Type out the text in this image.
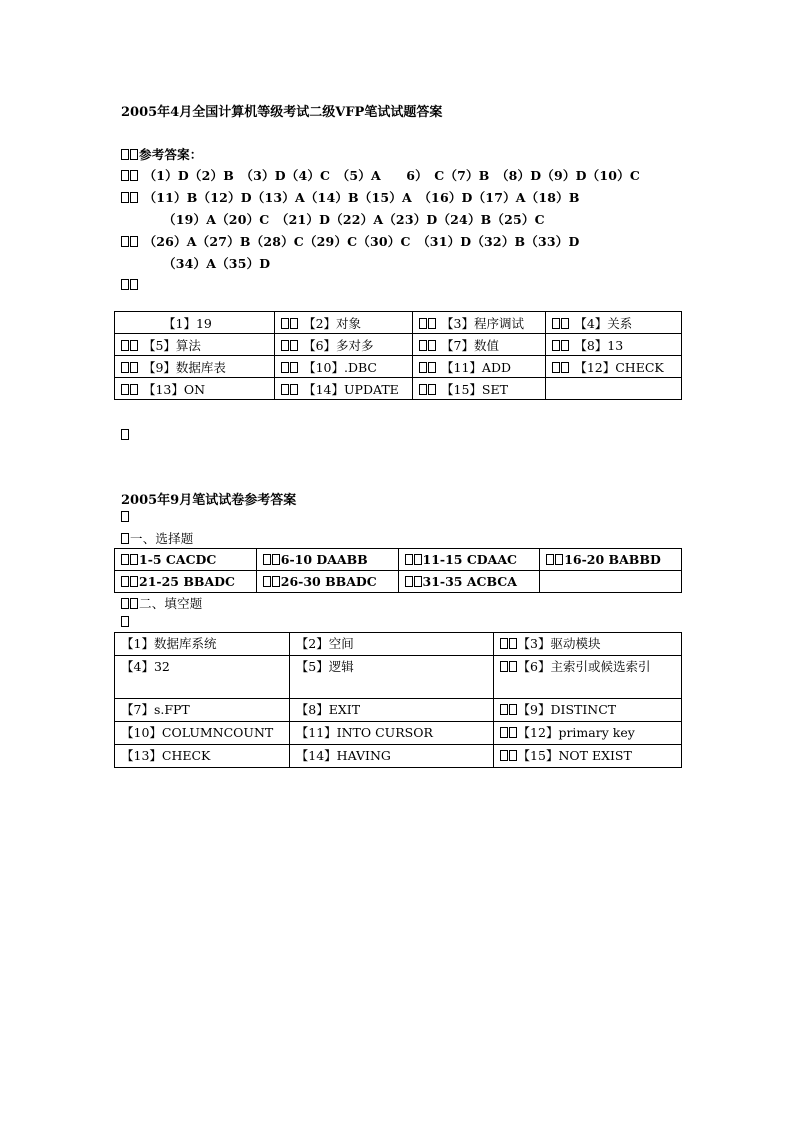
2005年4月全国计算机等级考试二级VFP笔试试题答案
参考答案：
（1）D（2）B　（3）D（4）C　（5）A　　6）　C（7）B　（8）D（9）D（10）C
（11）B（12）D（13）A（14）B（15）A　（16）D（17）A（18）B
（19）A（20）C　（21）D（22）A（23）D（24）B（25）C
（26）A（27）B（28）C（29）C（30）C　（31）D（32）B（33）D
（34）A（35）D
【1】19	【2】对象	【3】程序调试	【4】关系
【5】算法	【6】多对多	【7】数值	【8】13
【9】数据库表	【10】.DBC	【11】ADD	【12】CHECK
【13】ON	【14】UPDATE	【15】SET	
2005年9月笔试试卷参考答案
一、选择题
1-5 CACDC	6-10 DAABB	11-15 CDAAC	16-20 BABBD
21-25 BBADC	26-30 BBADC	31-35 ACBCA	
二、填空题
【1】数据库系统	【2】空间	【3】驱动模块
【4】32	【5】逻辑	【6】主索引或候选索引
【7】s.FPT	【8】EXIT	【9】DISTINCT
【10】COLUMNCOUNT	【11】INTO CURSOR	【12】primary key
【13】CHECK	【14】HAVING	【15】NOT EXIST
